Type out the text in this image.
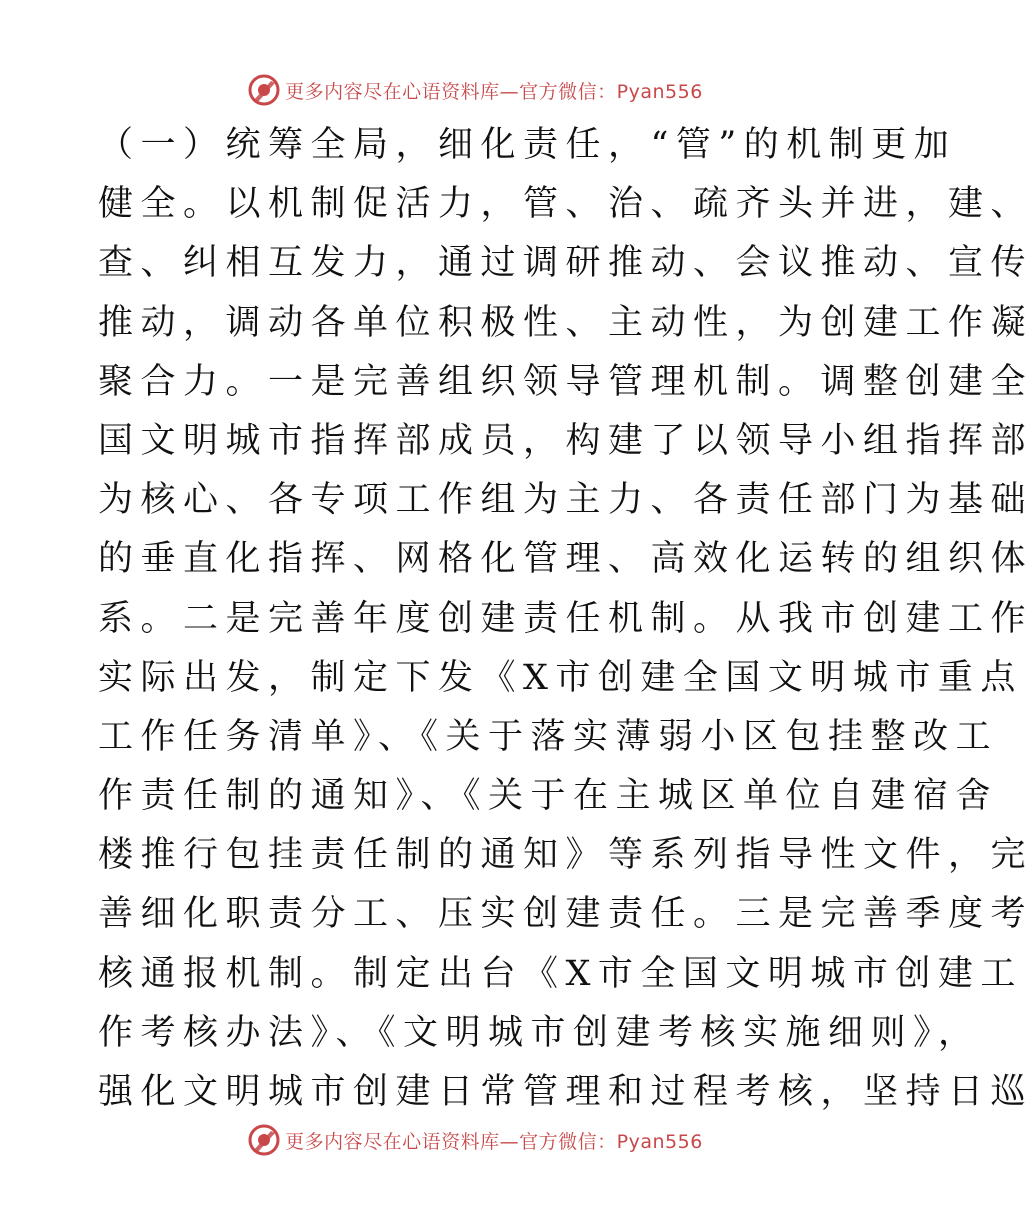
更多内容尽在心语资料库—官方微信：Pyan556
（一）统筹全局，细化责任，“管”的机制更加
健全。以机制促活力，管、治、疏齐头并进，建、
查、纠相互发力，通过调研推动、会议推动、宣传
推动，调动各单位积极性、主动性，为创建工作凝
聚合力。一是完善组织领导管理机制。调整创建全
国文明城市指挥部成员，构建了以领导小组指挥部
为核心、各专项工作组为主力、各责任部门为基础
的垂直化指挥、网格化管理、高效化运转的组织体
系。二是完善年度创建责任机制。从我市创建工作
实际出发，制定下发《X市创建全国文明城市重点
工作任务清单》、《关于落实薄弱小区包挂整改工
作责任制的通知》、《关于在主城区单位自建宿舍
楼推行包挂责任制的通知》等系列指导性文件，完
善细化职责分工、压实创建责任。三是完善季度考
核通报机制。制定出台《X市全国文明城市创建工
作考核办法》、《文明城市创建考核实施细则》，
强化文明城市创建日常管理和过程考核，坚持日巡
更多内容尽在心语资料库—官方微信：Pyan556
